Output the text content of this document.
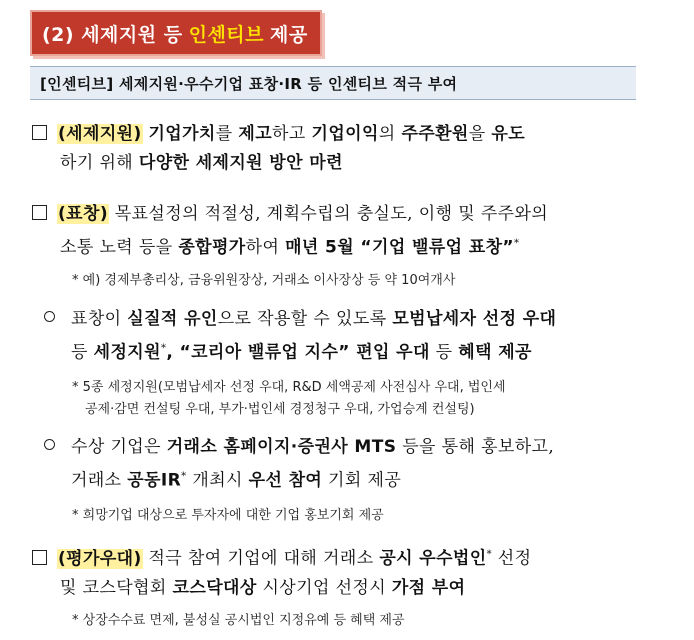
(2) 세제지원 등 인센티브 제공
[인센티브] 세제지원·우수기업 표창·IR 등 인센티브 적극 부여
(세제지원) 기업가치를 제고하고 기업이익의 주주환원을 유도
하기 위해 다양한 세제지원 방안 마련
(표창) 목표설정의 적절성, 계획수립의 충실도, 이행 및 주주와의
소통 노력 등을 종합평가하여 매년 5월 “기업 밸류업 표창”*
* 예) 경제부총리상, 금융위원장상, 거래소 이사장상 등 약 10여개사
표창이 실질적 유인으로 작용할 수 있도록 모범납세자 선정 우대
등 세정지원*, “코리아 밸류업 지수” 편입 우대 등 혜택 제공
* 5종 세정지원(모범납세자 선정 우대, R&D 세액공제 사전심사 우대, 법인세
공제·감면 컨설팅 우대, 부가·법인세 경정청구 우대, 가업승계 컨설팅)
수상 기업은 거래소 홈페이지·증권사 MTS 등을 통해 홍보하고,
거래소 공동IR* 개최시 우선 참여 기회 제공
* 희망기업 대상으로 투자자에 대한 기업 홍보기회 제공
(평가우대) 적극 참여 기업에 대해 거래소 공시 우수법인* 선정
및 코스닥협회 코스닥대상 시상기업 선정시 가점 부여
* 상장수수료 면제, 불성실 공시법인 지정유예 등 혜택 제공
